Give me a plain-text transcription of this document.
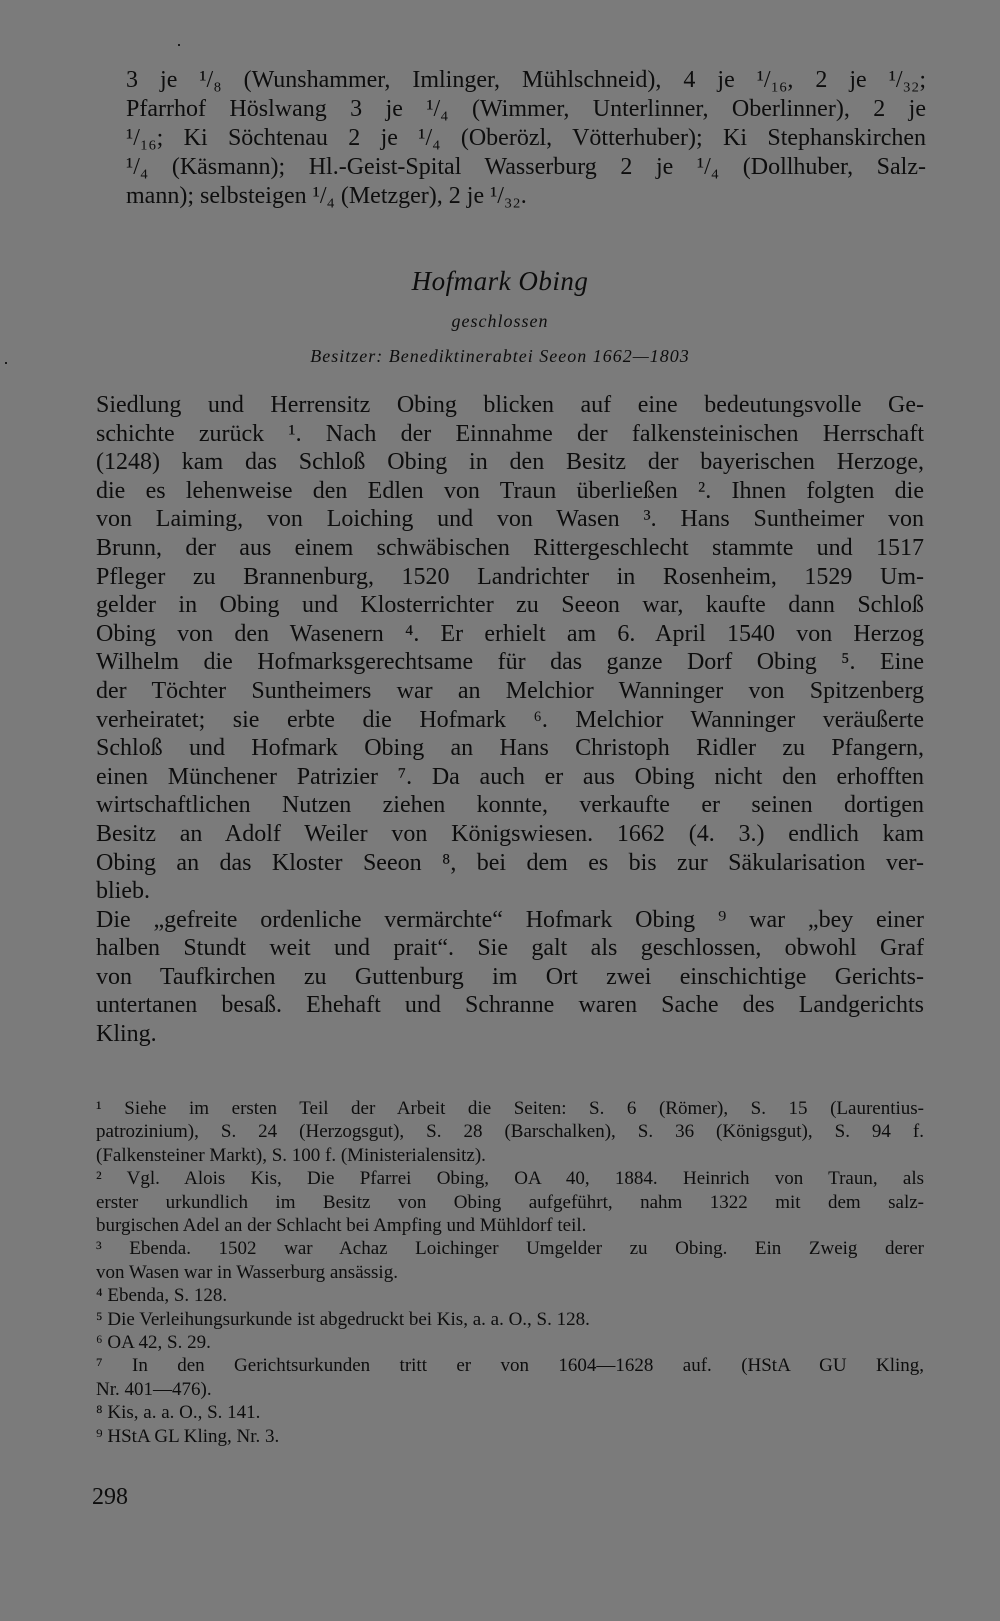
3 je ¹/₈ (Wunshammer, Imlinger, Mühlschneid), 4 je ¹/₁₆, 2 je ¹/₃₂;
Pfarrhof Höslwang 3 je ¹/₄ (Wimmer, Unterlinner, Oberlinner), 2 je
¹/₁₆; Ki Söchtenau 2 je ¹/₄ (Oberözl, Vötterhuber); Ki Stephanskirchen
¹/₄ (Käsmann); Hl.-Geist-Spital Wasserburg 2 je ¹/₄ (Dollhuber, Salz-
mann); selbsteigen ¹/₄ (Metzger), 2 je ¹/₃₂.
Hofmark Obing
geschlossen
Besitzer: Benediktinerabtei Seeon 1662—1803
Siedlung und Herrensitz Obing blicken auf eine bedeutungsvolle Ge-
schichte zurück ¹. Nach der Einnahme der falkensteinischen Herrschaft
(1248) kam das Schloß Obing in den Besitz der bayerischen Herzoge,
die es lehenweise den Edlen von Traun überließen ². Ihnen folgten die
von Laiming, von Loiching und von Wasen ³. Hans Suntheimer von
Brunn, der aus einem schwäbischen Rittergeschlecht stammte und 1517
Pfleger zu Brannenburg, 1520 Landrichter in Rosenheim, 1529 Um-
gelder in Obing und Klosterrichter zu Seeon war, kaufte dann Schloß
Obing von den Wasenern ⁴. Er erhielt am 6. April 1540 von Herzog
Wilhelm die Hofmarksgerechtsame für das ganze Dorf Obing ⁵. Eine
der Töchter Suntheimers war an Melchior Wanninger von Spitzenberg
verheiratet; sie erbte die Hofmark ⁶. Melchior Wanninger veräußerte
Schloß und Hofmark Obing an Hans Christoph Ridler zu Pfangern,
einen Münchener Patrizier ⁷. Da auch er aus Obing nicht den erhofften
wirtschaftlichen Nutzen ziehen konnte, verkaufte er seinen dortigen
Besitz an Adolf Weiler von Königswiesen. 1662 (4. 3.) endlich kam
Obing an das Kloster Seeon ⁸, bei dem es bis zur Säkularisation ver-
blieb.
Die „gefreite ordenliche vermärchte“ Hofmark Obing ⁹ war „bey einer
halben Stundt weit und prait“. Sie galt als geschlossen, obwohl Graf
von Taufkirchen zu Guttenburg im Ort zwei einschichtige Gerichts-
untertanen besaß. Ehehaft und Schranne waren Sache des Landgerichts
Kling.
¹ Siehe im ersten Teil der Arbeit die Seiten: S. 6 (Römer), S. 15 (Laurentius-
patrozinium), S. 24 (Herzogsgut), S. 28 (Barschalken), S. 36 (Königsgut), S. 94 f.
(Falkensteiner Markt), S. 100 f. (Ministerialensitz).
² Vgl. Alois Kis, Die Pfarrei Obing, OA 40, 1884. Heinrich von Traun, als
erster urkundlich im Besitz von Obing aufgeführt, nahm 1322 mit dem salz-
burgischen Adel an der Schlacht bei Ampfing und Mühldorf teil.
³ Ebenda. 1502 war Achaz Loichinger Umgelder zu Obing. Ein Zweig derer
von Wasen war in Wasserburg ansässig.
⁴ Ebenda, S. 128.
⁵ Die Verleihungsurkunde ist abgedruckt bei Kis, a. a. O., S. 128.
⁶ OA 42, S. 29.
⁷ In den Gerichtsurkunden tritt er von 1604—1628 auf. (HStA GU Kling,
Nr. 401—476).
⁸ Kis, a. a. O., S. 141.
⁹ HStA GL Kling, Nr. 3.
298
